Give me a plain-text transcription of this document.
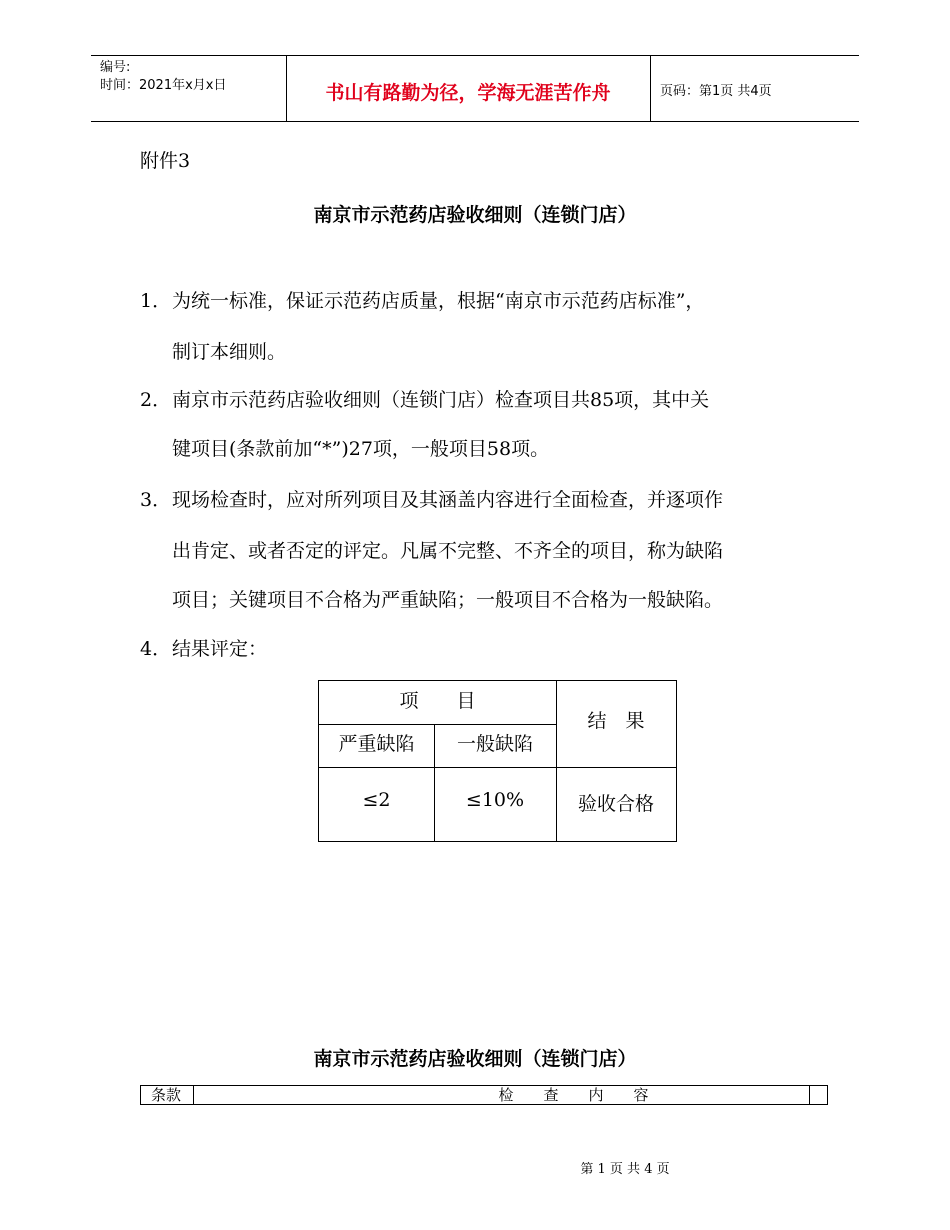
编号:
时间：2021年x月x日	书山有路勤为径，学海无涯苦作舟	页码：第1页 共4页
附件3
南京市示范药店验收细则（连锁门店）
1． 为统一标准，保证示范药店质量，根据“南京市示范药店标准”，
制订本细则。
2． 南京市示范药店验收细则（连锁门店）检查项目共85项，其中关
键项目(条款前加“*”)27项，一般项目58项。
3． 现场检查时，应对所列项目及其涵盖内容进行全面检查，并逐项作
出肯定、或者否定的评定。凡属不完整、不齐全的项目，称为缺陷
项目；关键项目不合格为严重缺陷；一般项目不合格为一般缺陷。
4． 结果评定：
项　　目
结　果
严重缺陷	一般缺陷
≤2	≤10%	验收合格
南京市示范药店验收细则（连锁门店）
条款	检　　查　　内　　容
第 1 页 共 4 页
